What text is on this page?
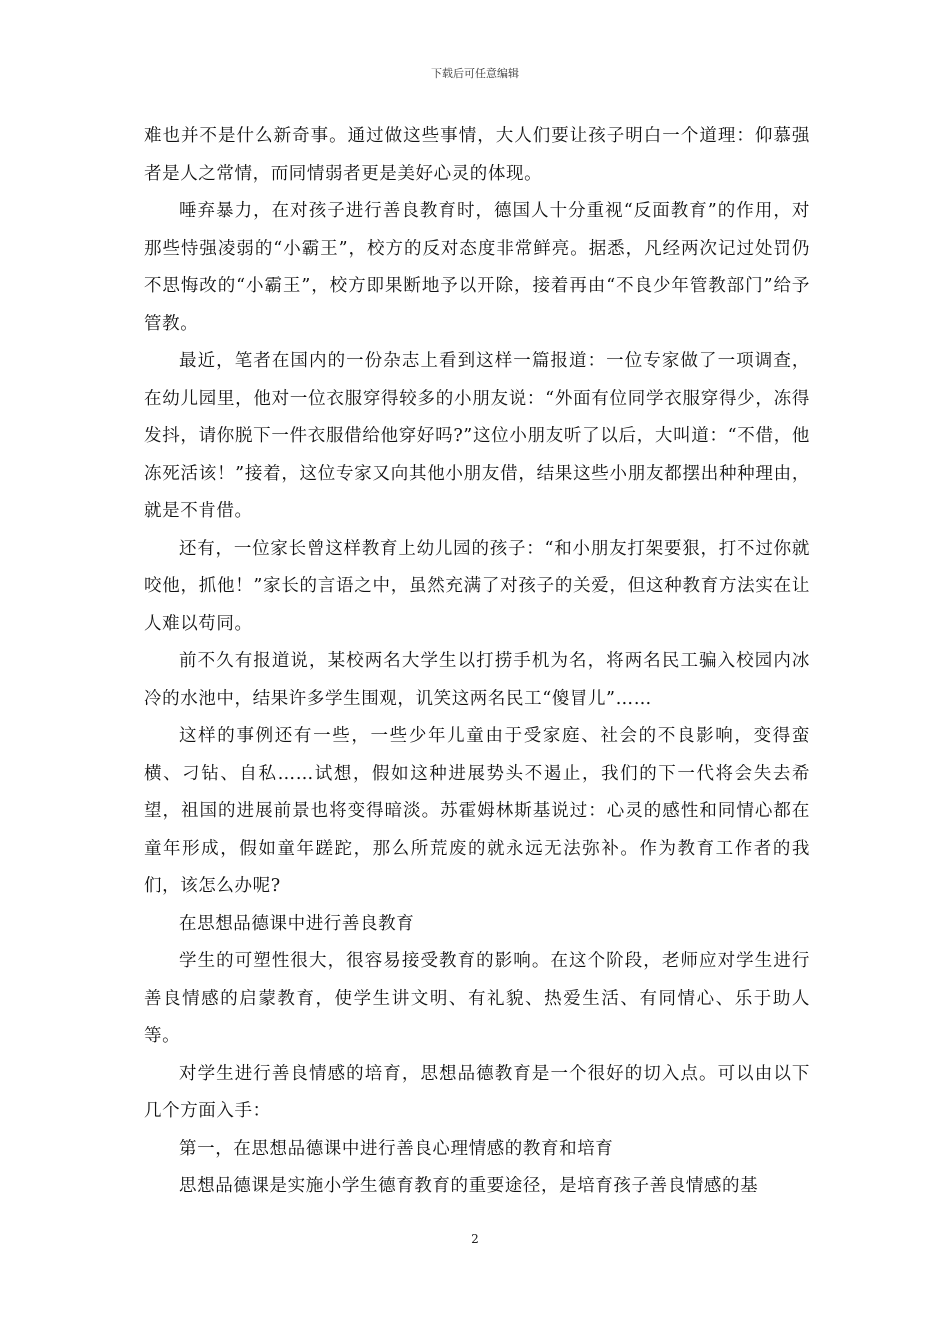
下载后可任意编辑

难也并不是什么新奇事。通过做这些事情，大人们要让孩子明白一个道理：仰慕强者是人之常情，而同情弱者更是美好心灵的体现。

唾弃暴力，在对孩子进行善良教育时，德国人十分重视“反面教育”的作用，对那些恃强凌弱的“小霸王”，校方的反对态度非常鲜亮。据悉，凡经两次记过处罚仍不思悔改的“小霸王”，校方即果断地予以开除，接着再由“不良少年管教部门”给予管教。

最近，笔者在国内的一份杂志上看到这样一篇报道：一位专家做了一项调查，在幼儿园里，他对一位衣服穿得较多的小朋友说：“外面有位同学衣服穿得少，冻得发抖，请你脱下一件衣服借给他穿好吗?”这位小朋友听了以后，大叫道：“不借，他冻死活该！”接着，这位专家又向其他小朋友借，结果这些小朋友都摆出种种理由，就是不肯借。

还有，一位家长曾这样教育上幼儿园的孩子：“和小朋友打架要狠，打不过你就咬他，抓他！”家长的言语之中，虽然充满了对孩子的关爱，但这种教育方法实在让人难以苟同。

前不久有报道说，某校两名大学生以打捞手机为名，将两名民工骗入校园内冰冷的水池中，结果许多学生围观，讥笑这两名民工“傻冒儿”……

这样的事例还有一些，一些少年儿童由于受家庭、社会的不良影响，变得蛮横、刁钻、自私……试想，假如这种进展势头不遏止，我们的下一代将会失去希望，祖国的进展前景也将变得暗淡。苏霍姆林斯基说过：心灵的感性和同情心都在童年形成，假如童年蹉跎，那么所荒废的就永远无法弥补。作为教育工作者的我们，该怎么办呢?

在思想品德课中进行善良教育

学生的可塑性很大，很容易接受教育的影响。在这个阶段，老师应对学生进行善良情感的启蒙教育，使学生讲文明、有礼貌、热爱生活、有同情心、乐于助人等。

对学生进行善良情感的培育，思想品德教育是一个很好的切入点。可以由以下几个方面入手：

第一，在思想品德课中进行善良心理情感的教育和培育

思想品德课是实施小学生德育教育的重要途径，是培育孩子善良情感的基

2
